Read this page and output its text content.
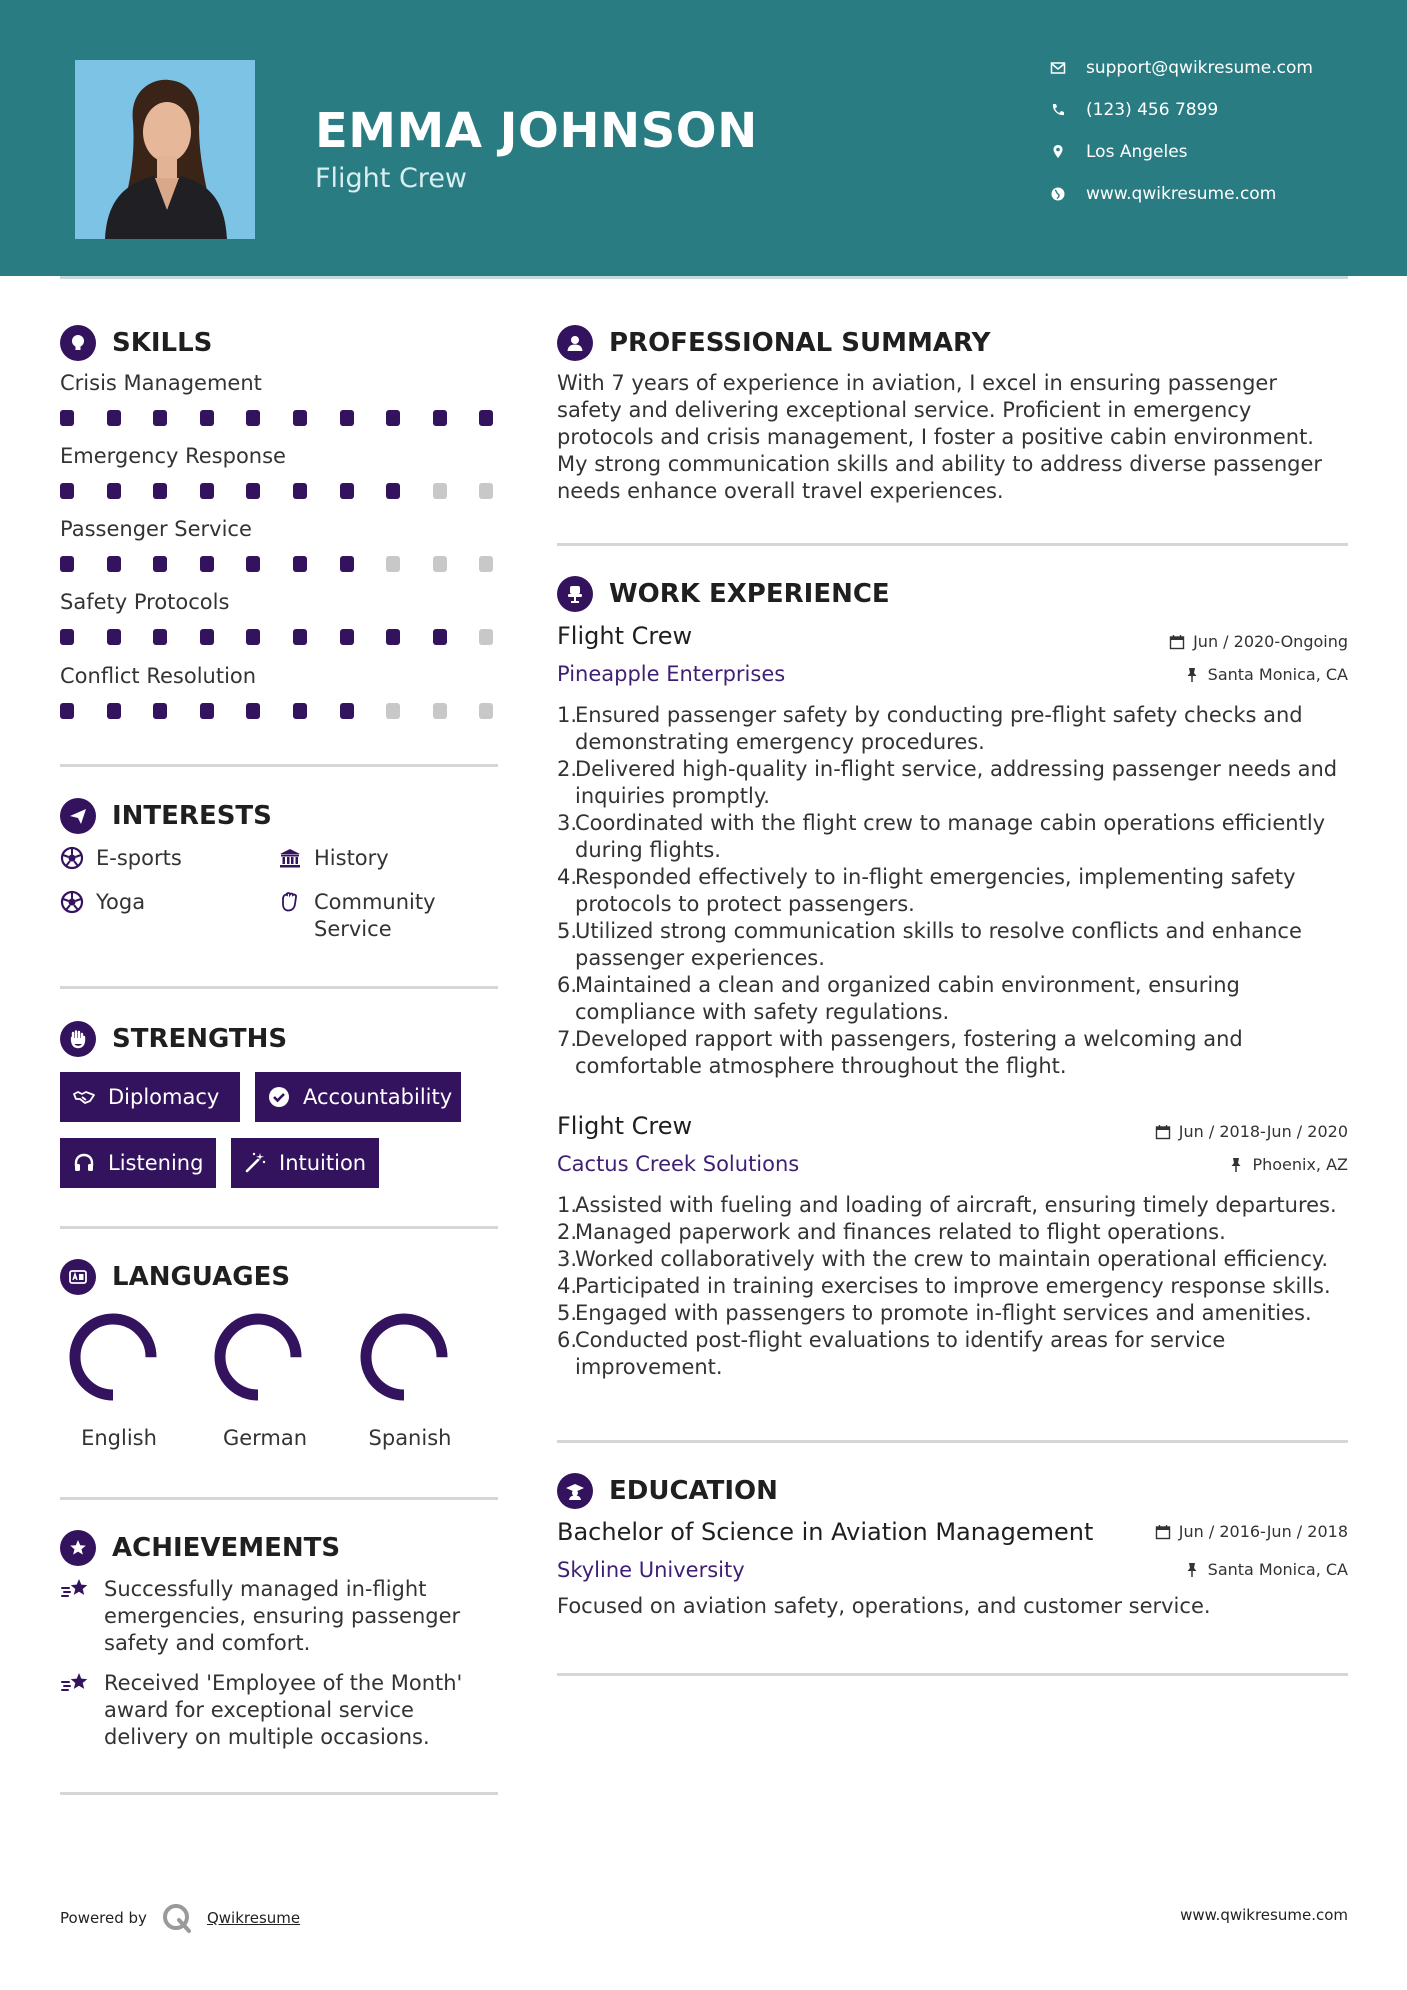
EMMA JOHNSON
Flight Crew
support@qwikresume.com
(123) 456 7899
Los Angeles
www.qwikresume.com
SKILLS
Crisis Management
Emergency Response
Passenger Service
Safety Protocols
Conflict Resolution
INTERESTS
E-sports	History
Yoga	Community Service
STRENGTHS
Diplomacy	Accountability
Listening	Intuition
LANGUAGES
English	German	Spanish
ACHIEVEMENTS
Successfully managed in-flight emergencies, ensuring passenger safety and comfort.
Received 'Employee of the Month' award for exceptional service delivery on multiple occasions.
PROFESSIONAL SUMMARY
With 7 years of experience in aviation, I excel in ensuring passenger safety and delivering exceptional service. Proficient in emergency protocols and crisis management, I foster a positive cabin environment. My strong communication skills and ability to address diverse passenger needs enhance overall travel experiences.
WORK EXPERIENCE
Flight Crew	Jun / 2020-Ongoing
Pineapple Enterprises	Santa Monica, CA
1.
Ensured passenger safety by conducting pre-flight safety checks and demonstrating emergency procedures.
2.
Delivered high-quality in-flight service, addressing passenger needs and inquiries promptly.
3.
Coordinated with the flight crew to manage cabin operations efficiently during flights.
4.
Responded effectively to in-flight emergencies, implementing safety protocols to protect passengers.
5.
Utilized strong communication skills to resolve conflicts and enhance passenger experiences.
6.
Maintained a clean and organized cabin environment, ensuring compliance with safety regulations.
7.
Developed rapport with passengers, fostering a welcoming and comfortable atmosphere throughout the flight.
Flight Crew	Jun / 2018-Jun / 2020
Cactus Creek Solutions	Phoenix, AZ
1.
Assisted with fueling and loading of aircraft, ensuring timely departures.
2.
Managed paperwork and finances related to flight operations.
3.
Worked collaboratively with the crew to maintain operational efficiency.
4.
Participated in training exercises to improve emergency response skills.
5.
Engaged with passengers to promote in-flight services and amenities.
6.
Conducted post-flight evaluations to identify areas for service improvement.
EDUCATION
Bachelor of Science in Aviation Management	Jun / 2016-Jun / 2018
Skyline University	Santa Monica, CA
Focused on aviation safety, operations, and customer service.
Powered by	Qwikresume	www.qwikresume.com
